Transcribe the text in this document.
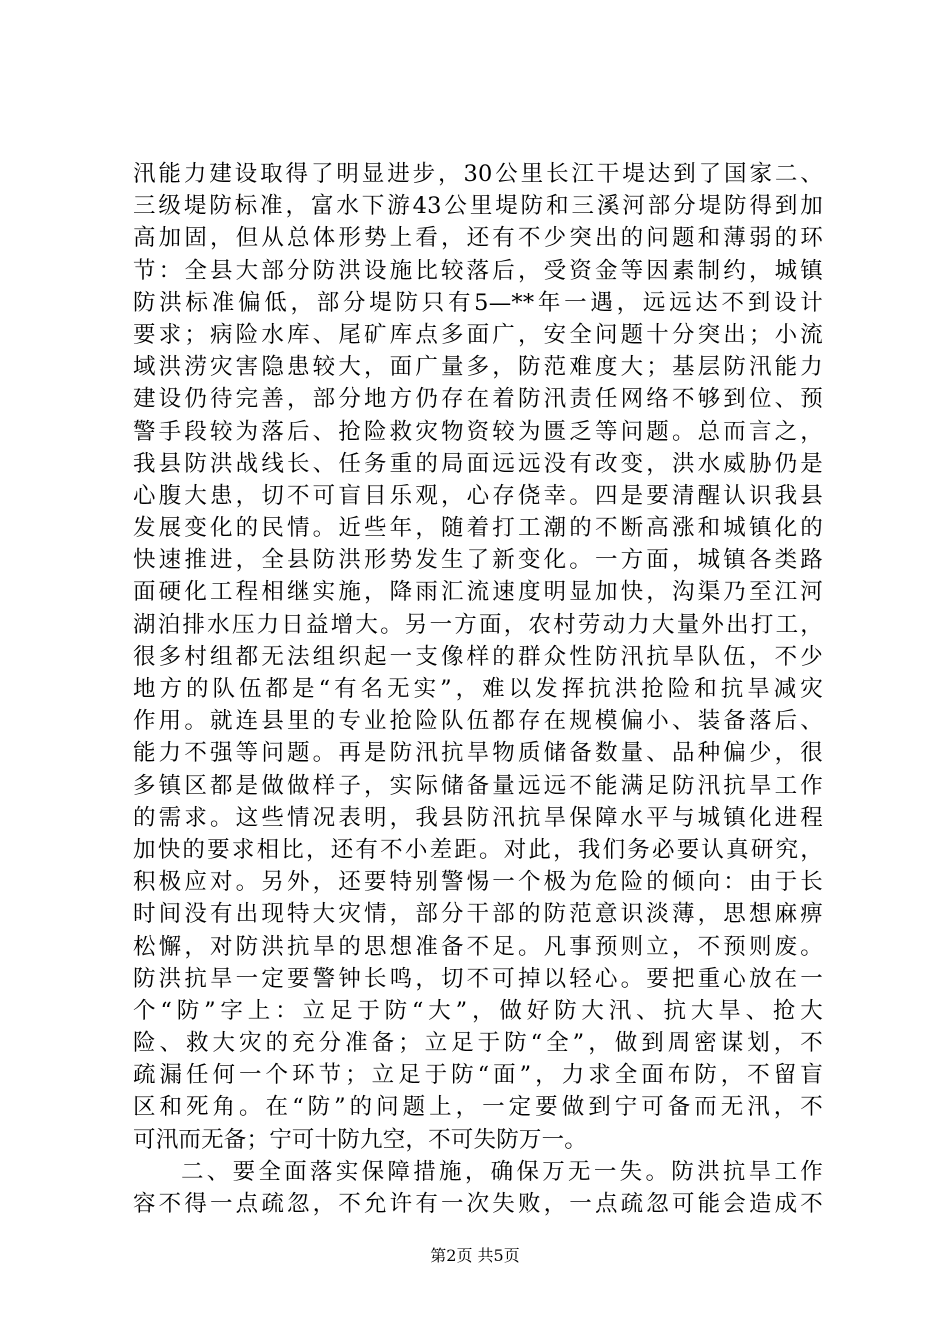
汛能力建设取得了明显进步，30公里长江干堤达到了国家二、
三级堤防标准，富水下游43公里堤防和三溪河部分堤防得到加
高加固，但从总体形势上看，还有不少突出的问题和薄弱的环
节：全县大部分防洪设施比较落后，受资金等因素制约，城镇
防洪标准偏低，部分堤防只有5—**年一遇，远远达不到设计
要求；病险水库、尾矿库点多面广，安全问题十分突出；小流
域洪涝灾害隐患较大，面广量多，防范难度大；基层防汛能力
建设仍待完善，部分地方仍存在着防汛责任网络不够到位、预
警手段较为落后、抢险救灾物资较为匮乏等问题。总而言之，
我县防洪战线长、任务重的局面远远没有改变，洪水威胁仍是
心腹大患，切不可盲目乐观，心存侥幸。四是要清醒认识我县
发展变化的民情。近些年，随着打工潮的不断高涨和城镇化的
快速推进，全县防洪形势发生了新变化。一方面，城镇各类路
面硬化工程相继实施，降雨汇流速度明显加快，沟渠乃至江河
湖泊排水压力日益增大。另一方面，农村劳动力大量外出打工，
很多村组都无法组织起一支像样的群众性防汛抗旱队伍，不少
地方的队伍都是“有名无实”，难以发挥抗洪抢险和抗旱减灾
作用。就连县里的专业抢险队伍都存在规模偏小、装备落后、
能力不强等问题。再是防汛抗旱物质储备数量、品种偏少，很
多镇区都是做做样子，实际储备量远远不能满足防汛抗旱工作
的需求。这些情况表明，我县防汛抗旱保障水平与城镇化进程
加快的要求相比，还有不小差距。对此，我们务必要认真研究，
积极应对。另外，还要特别警惕一个极为危险的倾向：由于长
时间没有出现特大灾情，部分干部的防范意识淡薄，思想麻痹
松懈，对防洪抗旱的思想准备不足。凡事预则立，不预则废。
防洪抗旱一定要警钟长鸣，切不可掉以轻心。要把重心放在一
个“防”字上：立足于防“大”，做好防大汛、抗大旱、抢大
险、救大灾的充分准备；立足于防“全”，做到周密谋划，不
疏漏任何一个环节；立足于防“面”，力求全面布防，不留盲
区和死角。在“防”的问题上，一定要做到宁可备而无汛，不
可汛而无备；宁可十防九空，不可失防万一。
二、要全面落实保障措施，确保万无一失。防洪抗旱工作
容不得一点疏忽，不允许有一次失败，一点疏忽可能会造成不
第2页 共5页
